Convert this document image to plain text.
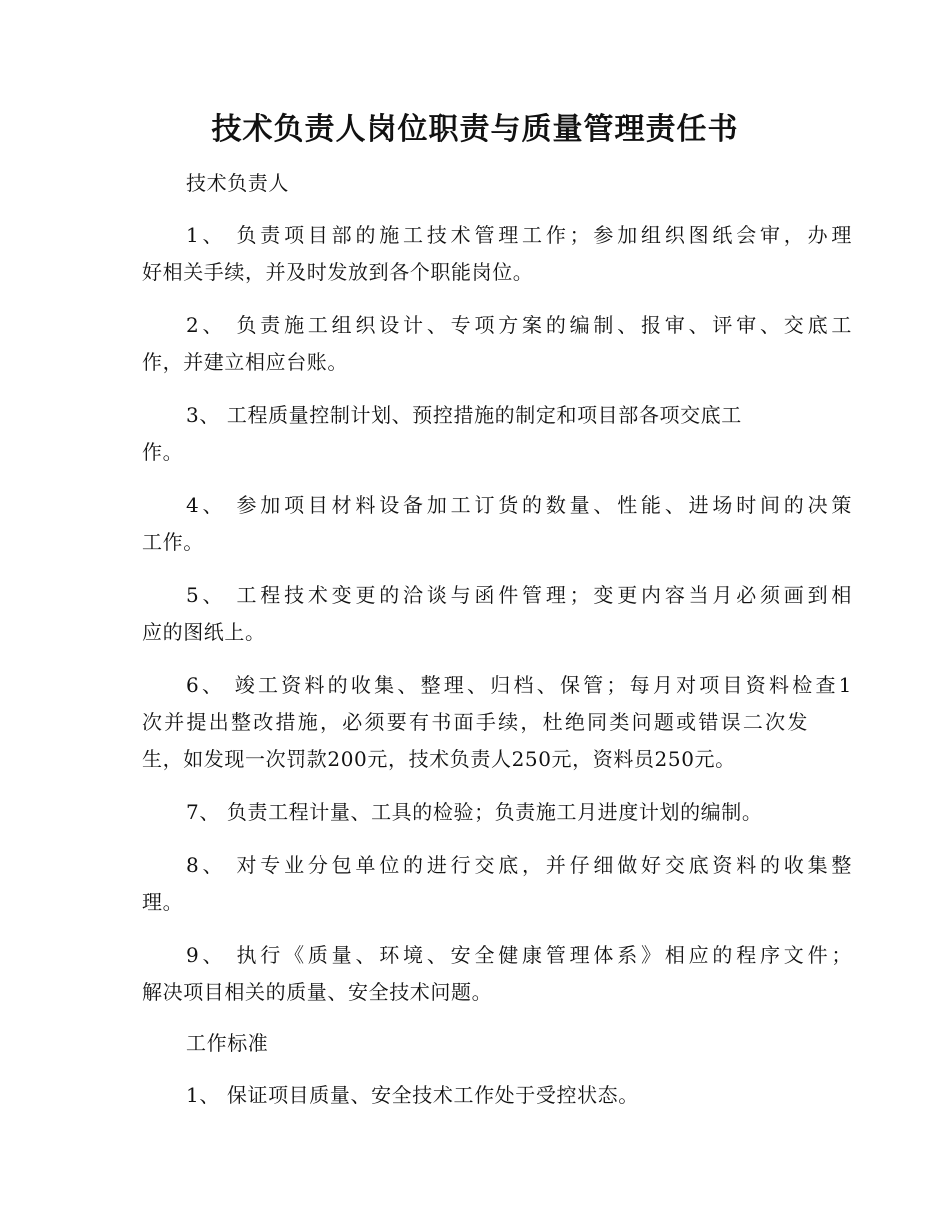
技术负责人岗位职责与质量管理责任书
技术负责人
1、 负责项目部的施工技术管理工作；参加组织图纸会审，办理
好相关手续，并及时发放到各个职能岗位。
2、 负责施工组织设计、专项方案的编制、报审、评审、交底工
作，并建立相应台账。
3、 工程质量控制计划、预控措施的制定和项目部各项交底工
作。
4、 参加项目材料设备加工订货的数量、性能、进场时间的决策
工作。
5、 工程技术变更的洽谈与函件管理；变更内容当月必须画到相
应的图纸上。
6、 竣工资料的收集、整理、归档、保管；每月对项目资料检查1
次并提出整改措施，必须要有书面手续，杜绝同类问题或错误二次发
生，如发现一次罚款200元，技术负责人250元，资料员250元。
7、 负责工程计量、工具的检验；负责施工月进度计划的编制。
8、 对专业分包单位的进行交底，并仔细做好交底资料的收集整
理。
9、 执行《质量、环境、安全健康管理体系》相应的程序文件；
解决项目相关的质量、安全技术问题。
工作标准
1、 保证项目质量、安全技术工作处于受控状态。
